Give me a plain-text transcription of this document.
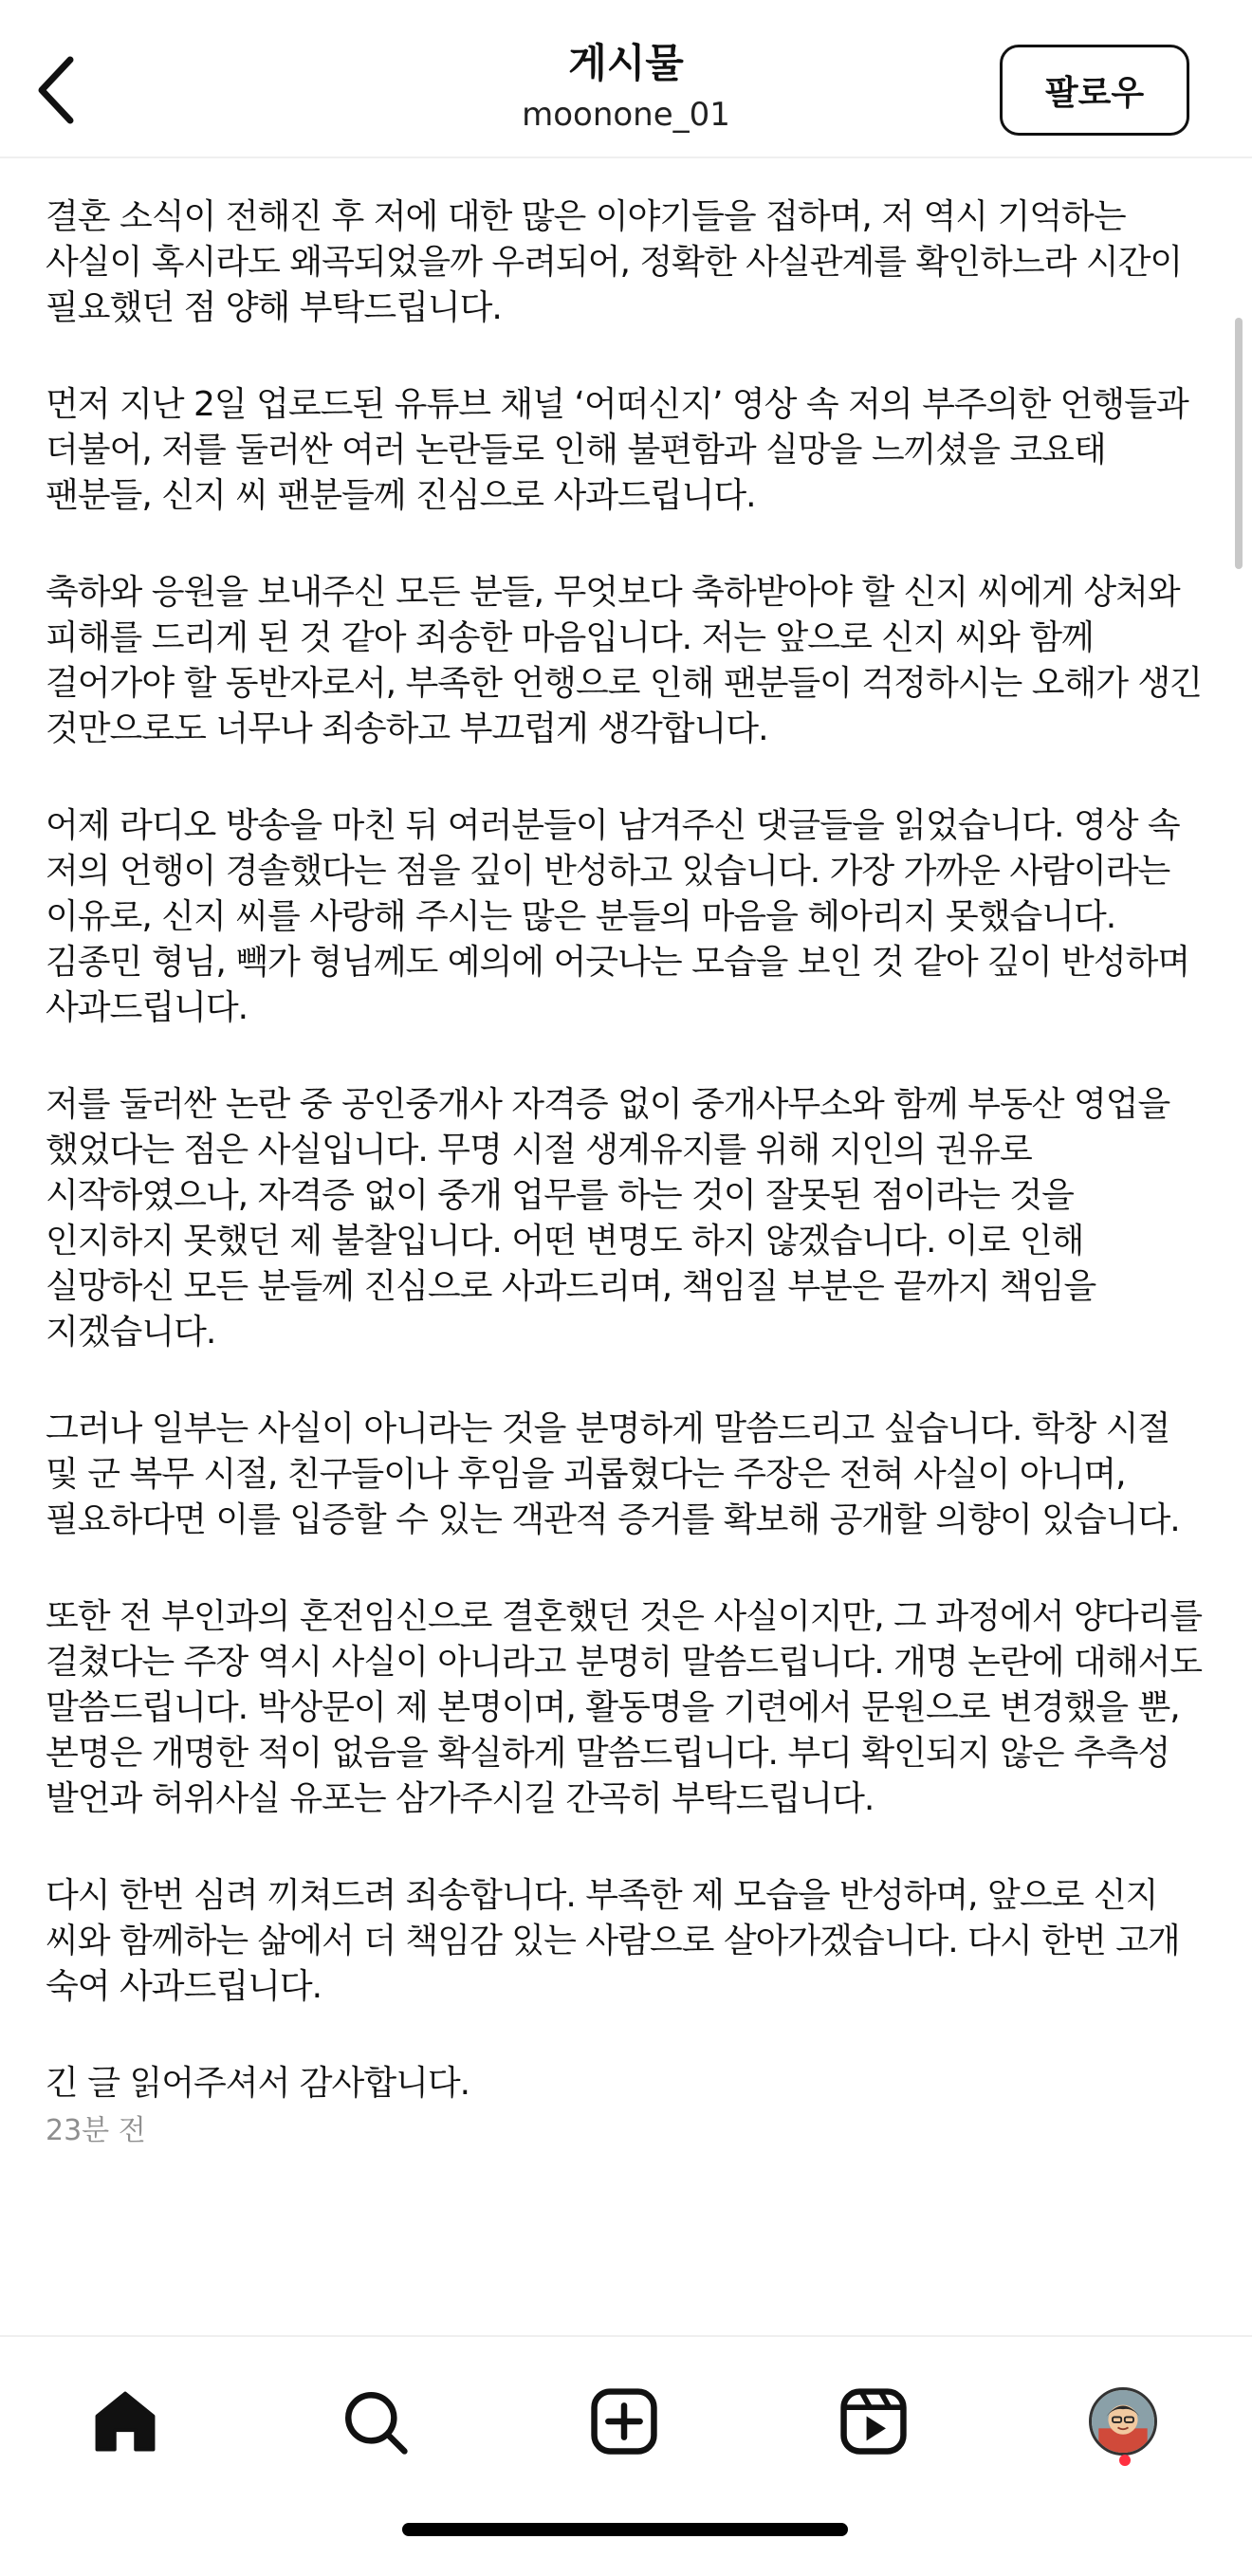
게시물
moonone_01
팔로우

결혼 소식이 전해진 후 저에 대한 많은 이야기들을 접하며, 저 역시 기억하는 사실이 혹시라도 왜곡되었을까 우려되어, 정확한 사실관계를 확인하느라 시간이 필요했던 점 양해 부탁드립니다.

먼저 지난 2일 업로드된 유튜브 채널 ‘어떠신지’ 영상 속 저의 부주의한 언행들과 더불어, 저를 둘러싼 여러 논란들로 인해 불편함과 실망을 느끼셨을 코요태 팬분들, 신지 씨 팬분들께 진심으로 사과드립니다.

축하와 응원을 보내주신 모든 분들, 무엇보다 축하받아야 할 신지 씨에게 상처와 피해를 드리게 된 것 같아 죄송한 마음입니다. 저는 앞으로 신지 씨와 함께 걸어가야 할 동반자로서, 부족한 언행으로 인해 팬분들이 걱정하시는 오해가 생긴 것만으로도 너무나 죄송하고 부끄럽게 생각합니다.

어제 라디오 방송을 마친 뒤 여러분들이 남겨주신 댓글들을 읽었습니다. 영상 속 저의 언행이 경솔했다는 점을 깊이 반성하고 있습니다. 가장 가까운 사람이라는 이유로, 신지 씨를 사랑해 주시는 많은 분들의 마음을 헤아리지 못했습니다. 김종민 형님, 빽가 형님께도 예의에 어긋나는 모습을 보인 것 같아 깊이 반성하며 사과드립니다.

저를 둘러싼 논란 중 공인중개사 자격증 없이 중개사무소와 함께 부동산 영업을 했었다는 점은 사실입니다. 무명 시절 생계유지를 위해 지인의 권유로 시작하였으나, 자격증 없이 중개 업무를 하는 것이 잘못된 점이라는 것을 인지하지 못했던 제 불찰입니다. 어떤 변명도 하지 않겠습니다. 이로 인해 실망하신 모든 분들께 진심으로 사과드리며, 책임질 부분은 끝까지 책임을 지겠습니다.

그러나 일부는 사실이 아니라는 것을 분명하게 말씀드리고 싶습니다. 학창 시절 및 군 복무 시절, 친구들이나 후임을 괴롭혔다는 주장은 전혀 사실이 아니며, 필요하다면 이를 입증할 수 있는 객관적 증거를 확보해 공개할 의향이 있습니다.

또한 전 부인과의 혼전임신으로 결혼했던 것은 사실이지만, 그 과정에서 양다리를 걸쳤다는 주장 역시 사실이 아니라고 분명히 말씀드립니다. 개명 논란에 대해서도 말씀드립니다. 박상문이 제 본명이며, 활동명을 기련에서 문원으로 변경했을 뿐, 본명은 개명한 적이 없음을 확실하게 말씀드립니다. 부디 확인되지 않은 추측성 발언과 허위사실 유포는 삼가주시길 간곡히 부탁드립니다.

다시 한번 심려 끼쳐드려 죄송합니다. 부족한 제 모습을 반성하며, 앞으로 신지 씨와 함께하는 삶에서 더 책임감 있는 사람으로 살아가겠습니다. 다시 한번 고개 숙여 사과드립니다.

긴 글 읽어주셔서 감사합니다.

23분 전
